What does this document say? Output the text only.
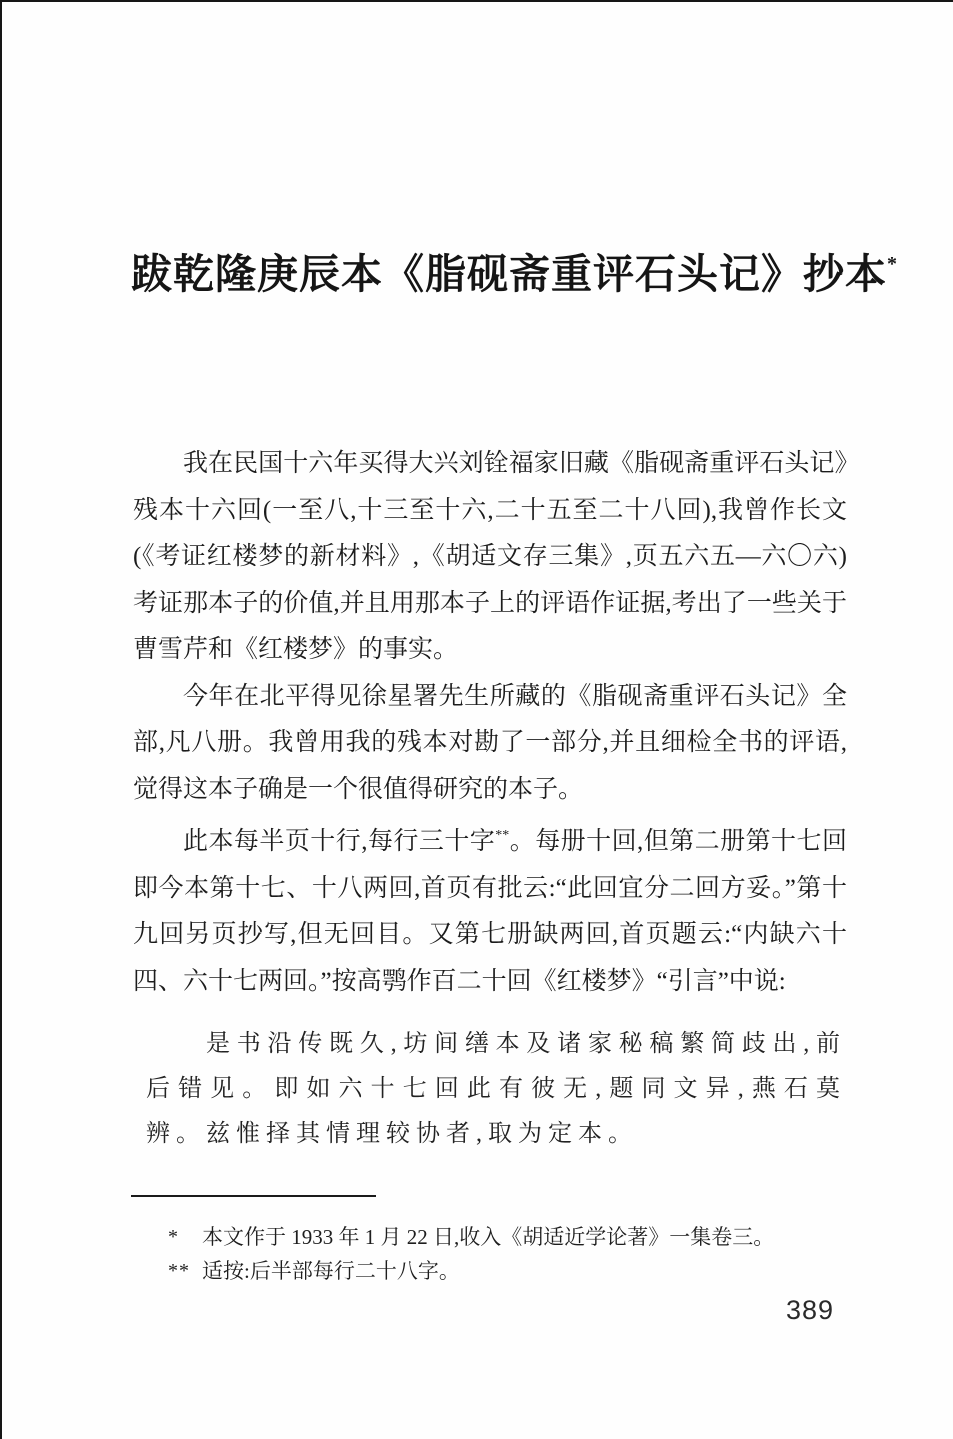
跋乾隆庚辰本《脂砚斋重评石头记》抄本*

我在民国十六年买得大兴刘铨福家旧藏《脂砚斋重评石头记》残本十六回(一至八,十三至十六,二十五至二十八回),我曾作长文(《考证红楼梦的新材料》,《胡适文存三集》,页五六五—六〇六)考证那本子的价值,并且用那本子上的评语作证据,考出了一些关于曹雪芹和《红楼梦》的事实。

今年在北平得见徐星署先生所藏的《脂砚斋重评石头记》全部,凡八册。我曾用我的残本对勘了一部分,并且细检全书的评语,觉得这本子确是一个很值得研究的本子。

此本每半页十行,每行三十字**。每册十回,但第二册第十七回即今本第十七、十八两回,首页有批云:“此回宜分二回方妥。”第十九回另页抄写,但无回目。又第七册缺两回,首页题云:“内缺六十四、六十七两回。”按高鹗作百二十回《红楼梦》“引言”中说:

是书沿传既久,坊间缮本及诸家秘稿繁简歧出,前后错见。即如六十七回此有彼无,题同文异,燕石莫辨。兹惟择其情理较协者,取为定本。

*	本文作于 1933 年 1 月 22 日,收入《胡适近学论著》一集卷三。
** 适按:后半部每行二十八字。
389
